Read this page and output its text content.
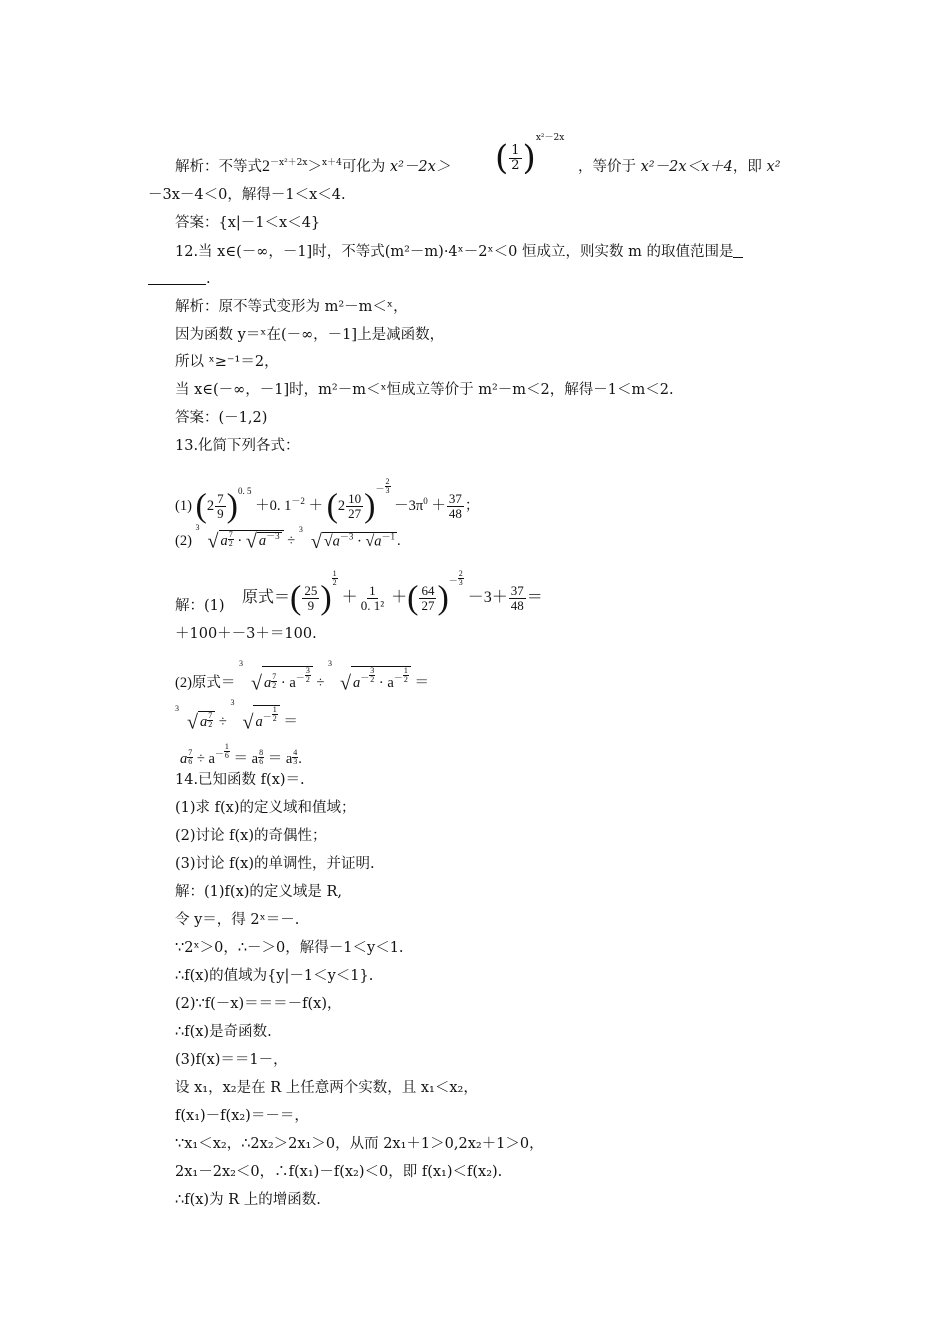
解析：不等式$2^{-x^2+2x}>^{x+4}$可化为 x²－2x＞ ( $\frac{1}{2} )^{x^2-2x}$
，等价于 x²－2x＜x＋4，即 x²
－3x－4＜0，解得－1＜x＜4.
答案：{x|－1＜x＜4}
12.当 x∈(－∞，－1]时，不等式(m²－m)·4ˣ－2ˣ＜0 恒成立，则实数 m 的取值范围是
.
解析：原不等式变形为 m²－m＜ˣ，
因为函数 y＝ˣ在(－∞，－1]上是减函数，
所以 ˣ≥⁻¹＝2，
当 x∈(－∞，－1]时，m²－m＜ˣ恒成立等价于 m²－m＜2，解得－1＜m＜2.
答案：(－1,2)
13.化简下列各式：
(1) $(2 \frac{7}{9} )^{0. 5} +0$. $1^{-2} + (2 \frac{10}{27} )^{- \frac{2}{3}}$
$-3\pi^0 + \frac{37}{48}$ ；
(2)
3
√ a $\frac{7}{2}$ · √ $a^{-3}$ ÷
3
√ $√a^{-3} \cdot √a^{-1}$ .
解：(1) 原式＝( $\frac{25}{9}$ )
$^{\frac{1}{2}}$
＋ $\frac{1}{\text{0. 1²}}$ ＋( $\frac{64}{27} )^{- \frac{2}{3}}$
$-3+ \frac{37}{48}$ ＝
＋100＋－3＋＝100.
(2)原式＝
3
√ a $\frac{7}{2} \cdot a^{- \frac{3}{2}}$ ÷
3
√ $a^{- \frac{3}{2}} \cdot a^{- \frac{1}{2}}$ ＝
3
√ a $\frac{7}{2}$ ÷
3
√ $a^{- \frac{1}{2}}$ ＝
a $\frac{7}{6} \div a^{- \frac{1}{6}} = a \frac{8}{6} = a \frac{4}{3}$ .
14.已知函数 f(x)＝.
(1)求 f(x)的定义域和值域；
(2)讨论 f(x)的奇偶性；
(3)讨论 f(x)的单调性，并证明.
解：(1)f(x)的定义域是 R,
令 y＝，得 2ˣ＝－.
∵2ˣ＞0，∴－＞0，解得－1＜y＜1.
∴f(x)的值域为{y|－1＜y＜1}.
(2)∵f(－x)＝＝＝－f(x)，
∴f(x)是奇函数.
(3)f(x)＝＝1－，
设 x₁，x₂是在 R 上任意两个实数，且 x₁＜x₂，
f(x₁)－f(x₂)＝－＝，
∵x₁＜x₂，∴2x₂＞2x₁＞0，从而 2x₁＋1＞0,2x₂＋1＞0，
2x₁－2x₂＜0，∴f(x₁)－f(x₂)＜0，即 f(x₁)＜f(x₂).
∴f(x)为 R 上的增函数.
